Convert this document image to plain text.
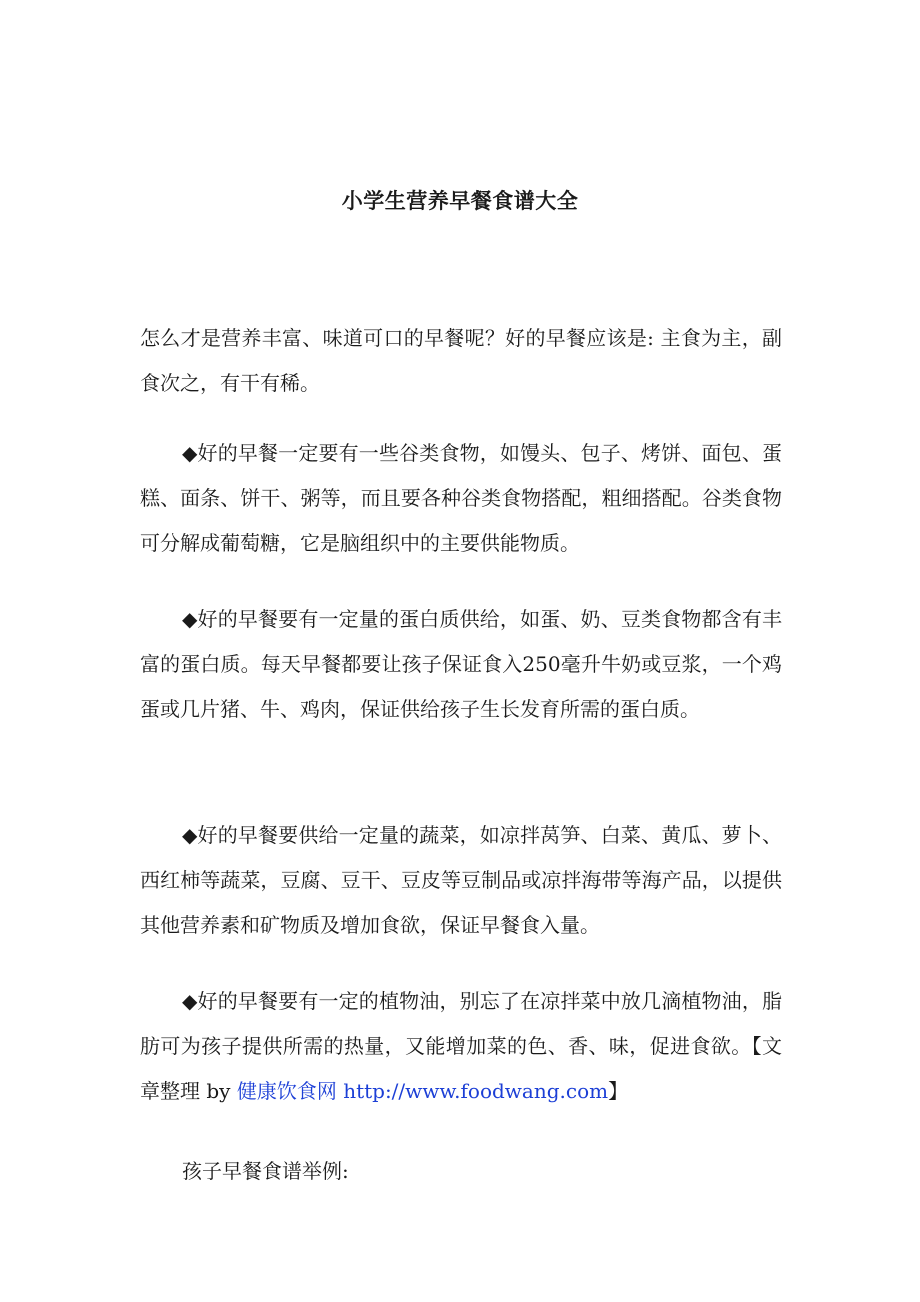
小学生营养早餐食谱大全

怎么才是营养丰富、味道可口的早餐呢？好的早餐应该是: 主食为主，副食次之，有干有稀。

◆好的早餐一定要有一些谷类食物，如馒头、包子、烤饼、面包、蛋糕、面条、饼干、粥等，而且要各种谷类食物搭配，粗细搭配。谷类食物可分解成葡萄糖，它是脑组织中的主要供能物质。

◆好的早餐要有一定量的蛋白质供给，如蛋、奶、豆类食物都含有丰富的蛋白质。每天早餐都要让孩子保证食入250毫升牛奶或豆浆，一个鸡蛋或几片猪、牛、鸡肉，保证供给孩子生长发育所需的蛋白质。

◆好的早餐要供给一定量的蔬菜，如凉拌莴笋、白菜、黄瓜、萝卜、西红柿等蔬菜，豆腐、豆干、豆皮等豆制品或凉拌海带等海产品，以提供其他营养素和矿物质及增加食欲，保证早餐食入量。

◆好的早餐要有一定的植物油，别忘了在凉拌菜中放几滴植物油，脂肪可为孩子提供所需的热量，又能增加菜的色、香、味，促进食欲。【文章整理 by 健康饮食网 http://www.foodwang.com】

孩子早餐食谱举例:
